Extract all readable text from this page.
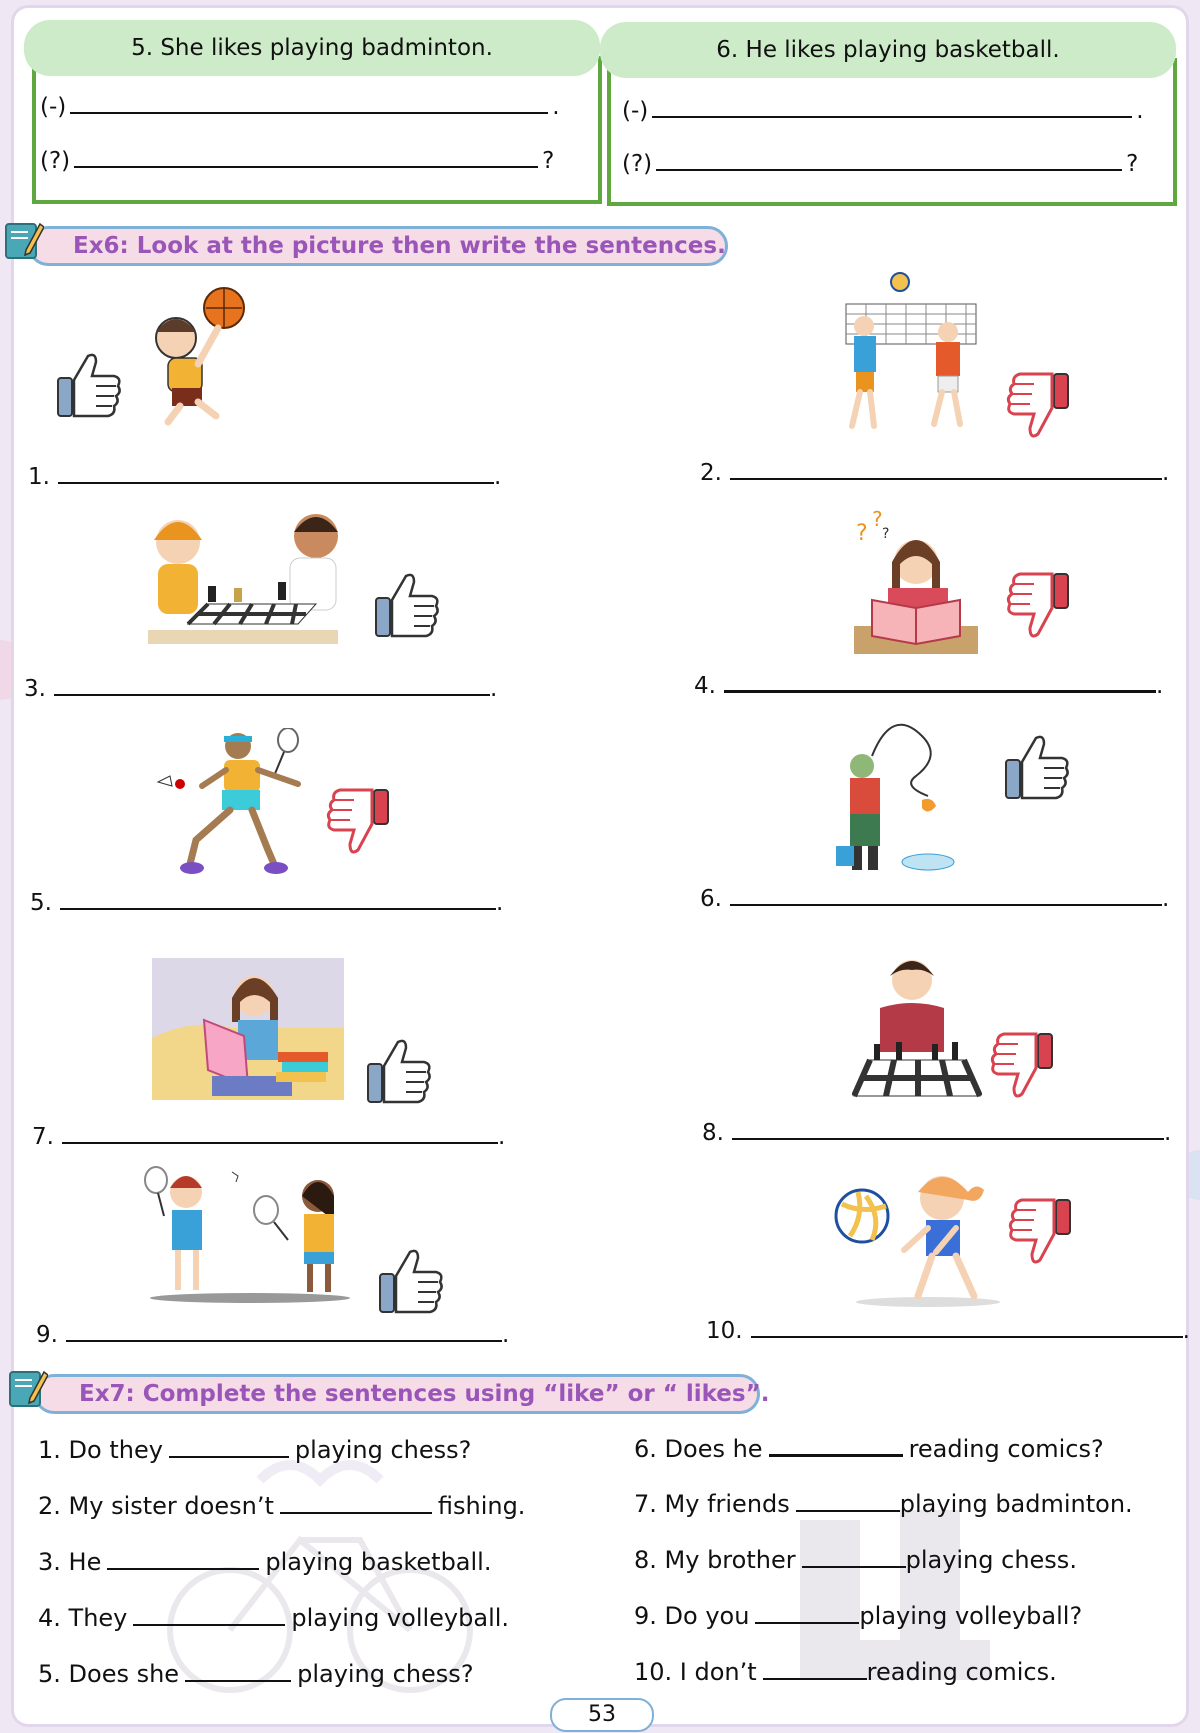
5. She likes playing badminton.
(-)	.
(?)	?
6. He likes playing basketball.
(-)	.
(?)	?
Ex6: Look at the picture then write the sentences.
?
?
?
1.	.	2.	.
3.	.	4.	.
5.	.	6.	.
7.	.	8.	.
9.	.	10.	.
Ex7: Complete the sentences using “like” or “ likes”.
1. Do they	playing chess?
2. My sister doesn’t	fishing.
3. He	playing basketball.
4. They	playing volleyball.
5. Does she	playing chess?
6. Does he	reading comics?
7. My friends	playing badminton.
8. My brother	playing chess.
9. Do you	playing volleyball?
10. I don’t	reading comics.
53
